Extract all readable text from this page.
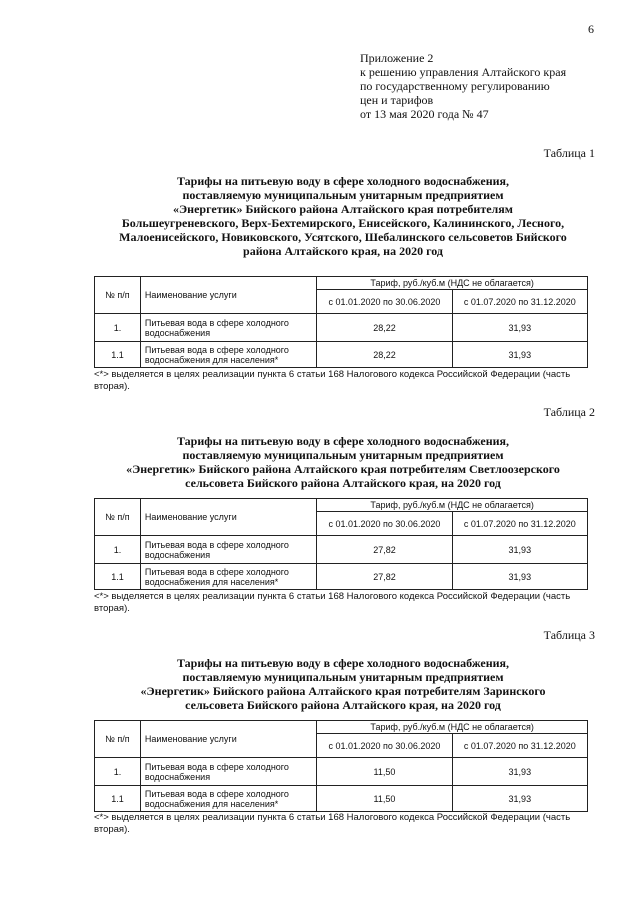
6
Приложение 2
к решению управления Алтайского края
по государственному регулированию
цен и тарифов
от 13 мая 2020 года № 47
Таблица 1
Тарифы на питьевую воду в сфере холодного водоснабжения,
поставляемую муниципальным унитарным предприятием
«Энергетик» Бийского района Алтайского края потребителям
Большеугреневского, Верх-Бехтемирского, Енисейского, Калининского, Лесного,
Малоенисейского, Новиковского, Усятского, Шебалинского сельсоветов Бийского
района Алтайского края, на 2020 год
№ п/п	Наименование услуги	Тариф, руб./куб.м (НДС не облагается)	
		с 01.01.2020 по 30.06.2020	с 01.07.2020 по 31.12.2020
1.	Питьевая вода в сфере холодного водоснабжения	28,22	31,93
1.1	Питьевая вода в сфере холодного водоснабжения для населения*	28,22	31,93
<*> выделяется в целях реализации пункта 6 статьи 168 Налогового кодекса Российской Федерации (часть вторая).
Таблица 2
Тарифы на питьевую воду в сфере холодного водоснабжения,
поставляемую муниципальным унитарным предприятием
«Энергетик» Бийского района Алтайского края потребителям Светлоозерского
сельсовета Бийского района Алтайского края, на 2020 год
№ п/п	Наименование услуги	Тариф, руб./куб.м (НДС не облагается)	
		с 01.01.2020 по 30.06.2020	с 01.07.2020 по 31.12.2020
1.	Питьевая вода в сфере холодного водоснабжения	27,82	31,93
1.1	Питьевая вода в сфере холодного водоснабжения для населения*	27,82	31,93
<*> выделяется в целях реализации пункта 6 статьи 168 Налогового кодекса Российской Федерации (часть вторая).
Таблица 3
Тарифы на питьевую воду в сфере холодного водоснабжения,
поставляемую муниципальным унитарным предприятием
«Энергетик» Бийского района Алтайского края потребителям Заринского
сельсовета Бийского района Алтайского края, на 2020 год
№ п/п	Наименование услуги	Тариф, руб./куб.м (НДС не облагается)	
		с 01.01.2020 по 30.06.2020	с 01.07.2020 по 31.12.2020
1.	Питьевая вода в сфере холодного водоснабжения	11,50	31,93
1.1	Питьевая вода в сфере холодного водоснабжения для населения*	11,50	31,93
<*> выделяется в целях реализации пункта 6 статьи 168 Налогового кодекса Российской Федерации (часть вторая).
